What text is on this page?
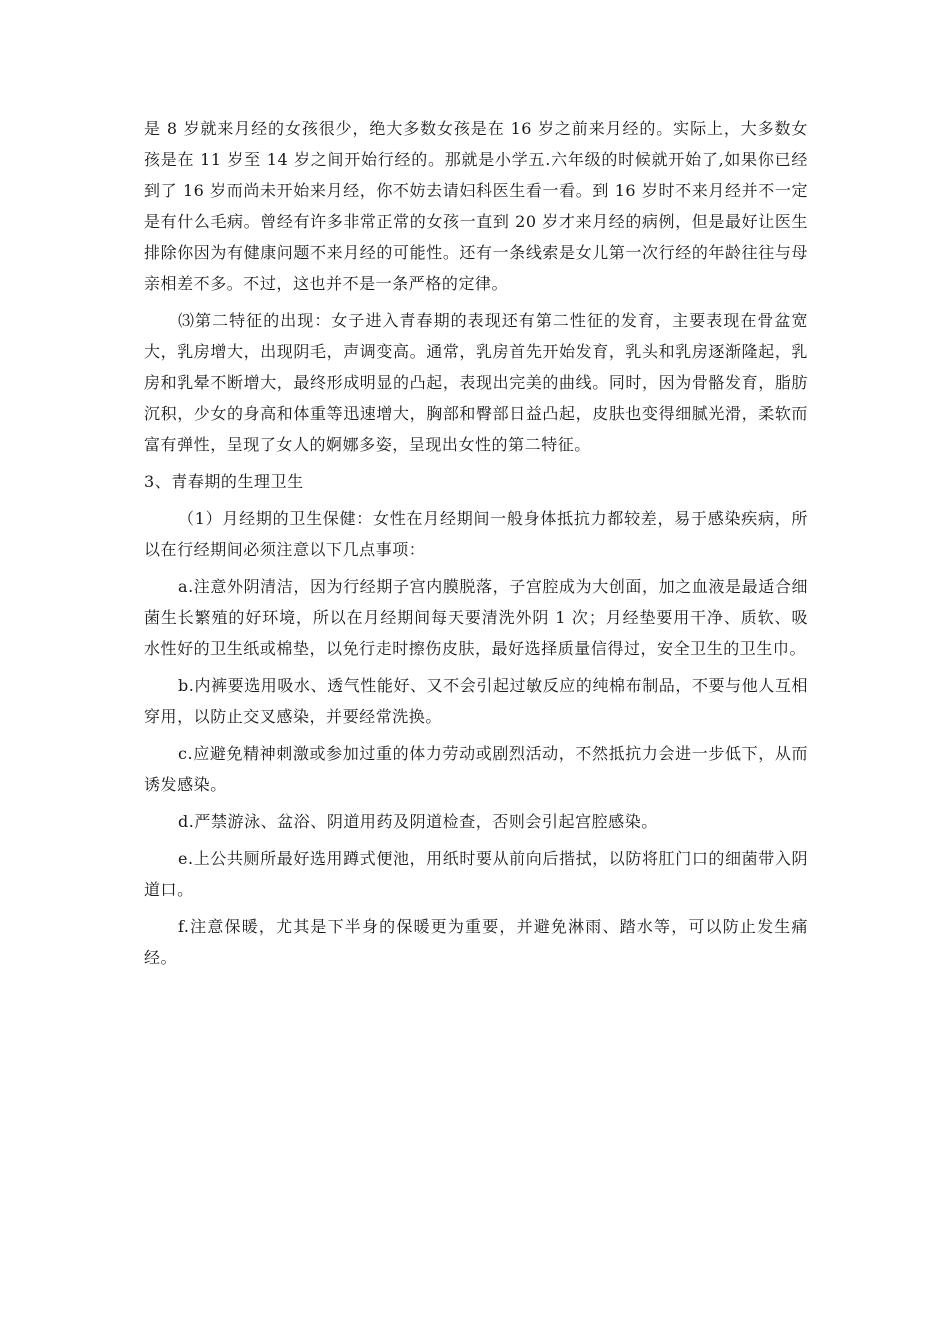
是 8 岁就来月经的女孩很少，绝大多数女孩是在 16 岁之前来月经的。实际上，大多数女孩是在 11 岁至 14 岁之间开始行经的。那就是小学五.六年级的时候就开始了,如果你已经到了 16 岁而尚未开始来月经，你不妨去请妇科医生看一看。到 16 岁时不来月经并不一定是有什么毛病。曾经有许多非常正常的女孩一直到 20 岁才来月经的病例，但是最好让医生排除你因为有健康问题不来月经的可能性。还有一条线索是女儿第一次行经的年龄往往与母亲相差不多。不过，这也并不是一条严格的定律。

⑶第二特征的出现：女子进入青春期的表现还有第二性征的发育，主要表现在骨盆宽大，乳房增大，出现阴毛，声调变高。通常，乳房首先开始发育，乳头和乳房逐渐隆起，乳房和乳晕不断增大，最终形成明显的凸起，表现出完美的曲线。同时，因为骨骼发育，脂肪沉积，少女的身高和体重等迅速增大，胸部和臀部日益凸起，皮肤也变得细腻光滑，柔软而富有弹性，呈现了女人的婀娜多姿，呈现出女性的第二特征。

3、青春期的生理卫生

（1）月经期的卫生保健：女性在月经期间一般身体抵抗力都较差，易于感染疾病，所以在行经期间必须注意以下几点事项：

a.注意外阴清洁，因为行经期子宫内膜脱落，子宫腔成为大创面，加之血液是最适合细菌生长繁殖的好环境，所以在月经期间每天要清洗外阴 1 次；月经垫要用干净、质软、吸水性好的卫生纸或棉垫，以免行走时擦伤皮肤，最好选择质量信得过，安全卫生的卫生巾。

b.内裤要选用吸水、透气性能好、又不会引起过敏反应的纯棉布制品，不要与他人互相穿用，以防止交叉感染，并要经常洗换。

c.应避免精神刺激或参加过重的体力劳动或剧烈活动，不然抵抗力会进一步低下，从而诱发感染。

d.严禁游泳、盆浴、阴道用药及阴道检查，否则会引起宫腔感染。

e.上公共厕所最好选用蹲式便池，用纸时要从前向后揩拭，以防将肛门口的细菌带入阴道口。

f.注意保暖，尤其是下半身的保暖更为重要，并避免淋雨、踏水等，可以防止发生痛经。
